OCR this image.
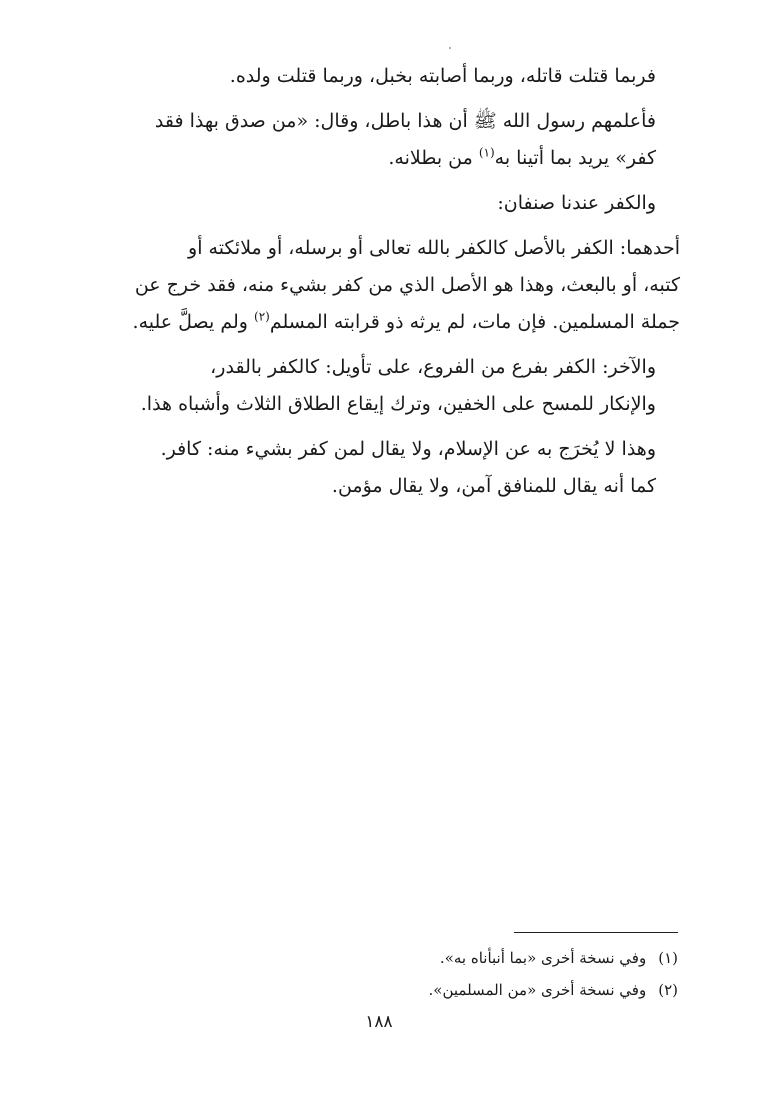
فربما قتلت قاتله، وربما أصابته بخبل، وربما قتلت ولده.

فأعلمهم رسول الله ﷺ أن هذا باطل، وقال: «من صدق بهذا فقد
كفر» يريد بما أتينا به$^{(١)}$ من بطلانه.

والكفر عندنا صنفان:

أحدهما: الكفر بالأصل كالكفر بالله تعالى أو برسله، أو ملائكته أو
كتبه، أو بالبعث، وهذا هو الأصل الذي من كفر بشيء منه، فقد خرج عن
جملة المسلمين. فإن مات، لم يرثه ذو قرابته المسلم$^{(٢)}$ ولم يصلَّ عليه.

والآخر: الكفر بفرع من الفروع، على تأويل: كالكفر بالقدر،
والإنكار للمسح على الخفين، وترك إيقاع الطلاق الثلاث وأشباه هذا.

وهذا لا يُخرَج به عن الإسلام، ولا يقال لمن كفر بشيء منه: كافر.
كما أنه يقال للمنافق آمن، ولا يقال مؤمن.

(١)وفي نسخة أخرى «بما أنبأناه به».
(٢)وفي نسخة أخرى «من المسلمين».
١٨٨
